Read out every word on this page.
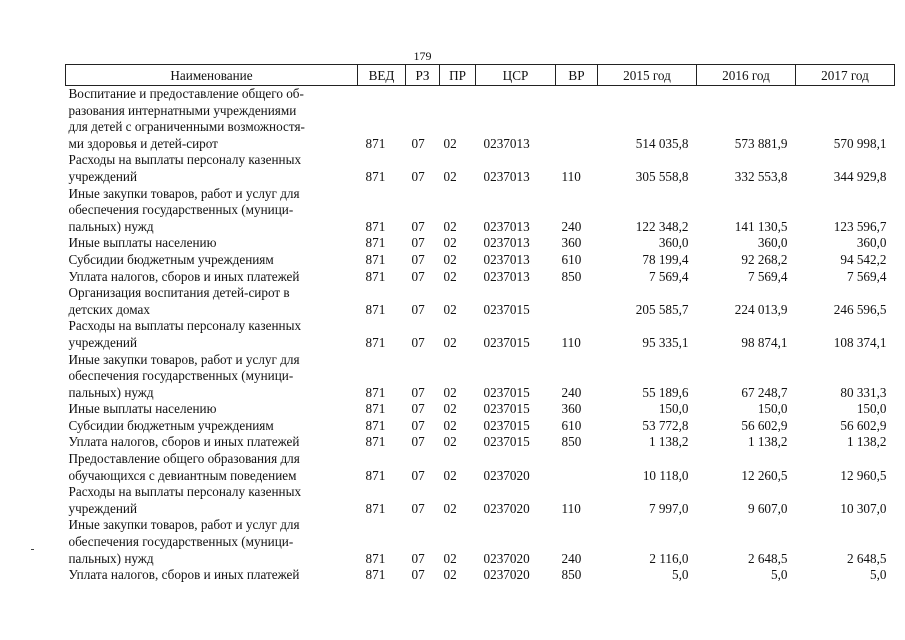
179
Наименование	ВЕД	РЗ	ПР	ЦСР	ВР	2015 год	2016 год	2017 год

Воспитание и предоставление общего об-
разования интернатными учреждениями
для детей с ограниченными возможностя-
ми здоровья и детей-сирот	871	07	02	0237013		514 035,8	573 881,9	570 998,1

Расходы на выплаты персоналу казенных
учреждений	871	07	02	0237013	110	305 558,8	332 553,8	344 929,8

Иные закупки товаров, работ и услуг для
обеспечения государственных (муници-
пальных) нужд	871	07	02	0237013	240	122 348,2	141 130,5	123 596,7

Иные выплаты населению	871	07	02	0237013	360	360,0	360,0	360,0

Субсидии бюджетным учреждениям	871	07	02	0237013	610	78 199,4	92 268,2	94 542,2

Уплата налогов, сборов и иных платежей	871	07	02	0237013	850	7 569,4	7 569,4	7 569,4

Организация воспитания детей-сирот в
детских домах	871	07	02	0237015		205 585,7	224 013,9	246 596,5

Расходы на выплаты персоналу казенных
учреждений	871	07	02	0237015	110	95 335,1	98 874,1	108 374,1

Иные закупки товаров, работ и услуг для
обеспечения государственных (муници-
пальных) нужд	871	07	02	0237015	240	55 189,6	67 248,7	80 331,3

Иные выплаты населению	871	07	02	0237015	360	150,0	150,0	150,0

Субсидии бюджетным учреждениям	871	07	02	0237015	610	53 772,8	56 602,9	56 602,9

Уплата налогов, сборов и иных платежей	871	07	02	0237015	850	1 138,2	1 138,2	1 138,2

Предоставление общего образования для
обучающихся с девиантным поведением	871	07	02	0237020		10 118,0	12 260,5	12 960,5

Расходы на выплаты персоналу казенных
учреждений	871	07	02	0237020	110	7 997,0	9 607,0	10 307,0

Иные закупки товаров, работ и услуг для
обеспечения государственных (муници-
пальных) нужд	871	07	02	0237020	240	2 116,0	2 648,5	2 648,5

Уплата налогов, сборов и иных платежей	871	07	02	0237020	850	5,0	5,0	5,0
